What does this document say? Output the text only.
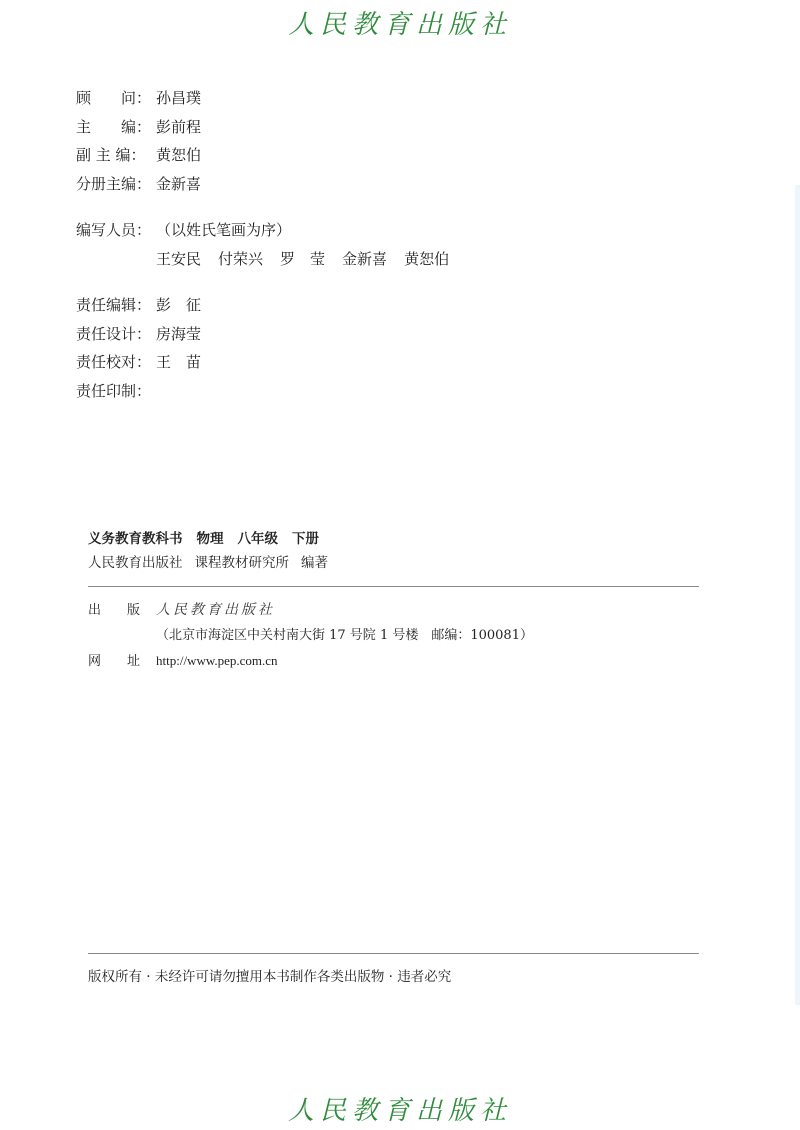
人民教育出版社
顾　　问： 孙昌璞
主　　编： 彭前程
副 主 编： 黄恕伯
分册主编： 金新喜
编写人员： （以姓氏笔画为序）
王安民 付荣兴 罗　莹 金新喜 黄恕伯
责任编辑： 彭　征
责任设计： 房海莹
责任校对： 王　苗
责任印制：
义务教育教科书 物理 八年级 下册
人民教育出版社 课程教材研究所 编著
出　　版 人民教育出版社
（北京市海淀区中关村南大街 17 号院 1 号楼　邮编：100081）
网　　址 http://www.pep.com.cn
版权所有 · 未经许可请勿擅用本书制作各类出版物 · 违者必究
人民教育出版社
